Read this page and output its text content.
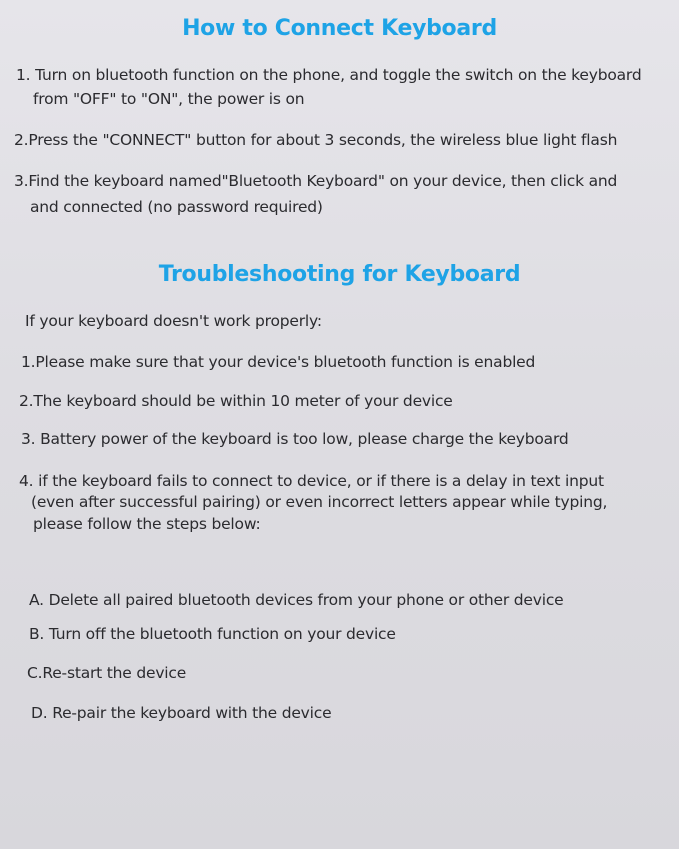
How to Connect Keyboard

1. Turn on bluetooth function on the phone, and toggle the switch on the keyboard

from "OFF" to "ON", the power is on

2.Press the "CONNECT" button for about 3 seconds, the wireless blue light flash

3.Find the keyboard named"Bluetooth Keyboard" on your device, then click and

and connected (no password required)

Troubleshooting for Keyboard

If your keyboard doesn't work properly:

1.Please make sure that your device's bluetooth function is enabled

2.The keyboard should be within 10 meter of your device

3. Battery power of the keyboard is too low, please charge the keyboard

4. if the keyboard fails to connect to device, or if there is a delay in text input

(even after successful pairing) or even incorrect letters appear while typing,

please follow the steps below:

A. Delete all paired bluetooth devices from your phone or other device

B. Turn off the bluetooth function on your device

C.Re-start the device

D. Re-pair the keyboard with the device
